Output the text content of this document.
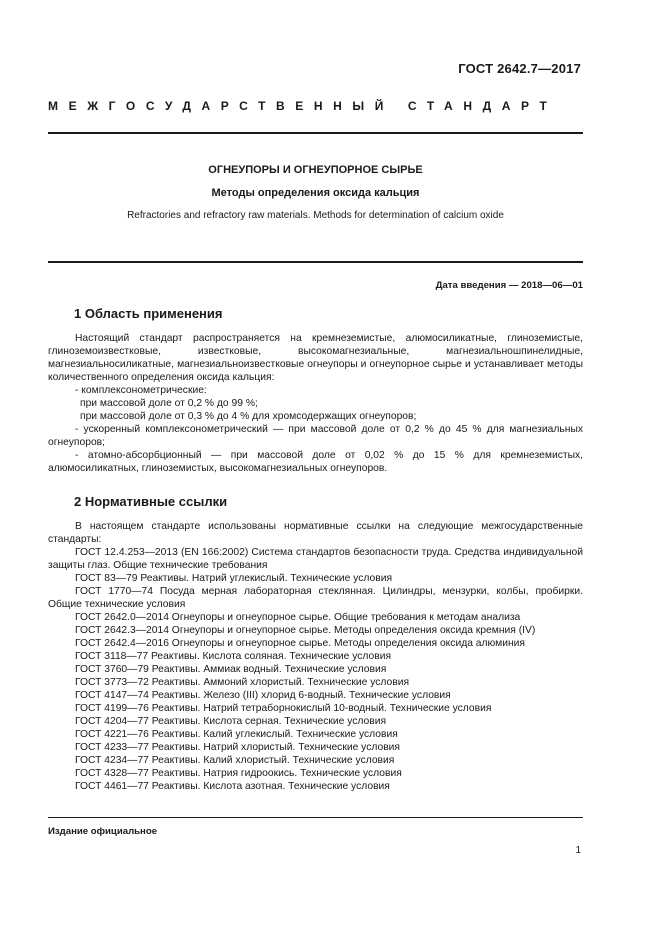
ГОСТ 2642.7—2017
МЕЖГОСУДАРСТВЕННЫЙ СТАНДАРТ
ОГНЕУПОРЫ И ОГНЕУПОРНОЕ СЫРЬЕ
Методы определения оксида кальция
Refractories and refractory raw materials. Methods for determination of calcium oxide
Дата введения — 2018—06—01
1 Область применения

Настоящий стандарт распространяется на кремнеземистые, алюмосиликатные, глиноземистые, глиноземоизвестковые, известковые, высокомагнезиальные, магнезиальношпинелидные, магнезиальносиликатные, магнезиальноизвестковые огнеупоры и огнеупорное сырье и устанавливает методы количественного определения оксида кальция:

- комплексонометрические:

при массовой доле от 0,2 % до 99 %;

при массовой доле от 0,3 % до 4 % для хромсодержащих огнеупоров;

- ускоренный комплексонометрический — при массовой доле от 0,2 % до 45 % для магнезиальных огнеупоров;

- атомно-абсорбционный — при массовой доле от 0,02 % до 15 % для кремнеземистых, алюмосиликатных, глиноземистых, высокомагнезиальных огнеупоров.

2 Нормативные ссылки

В настоящем стандарте использованы нормативные ссылки на следующие межгосударственные стандарты:

ГОСТ 12.4.253—2013 (EN 166:2002) Система стандартов безопасности труда. Средства индивидуальной защиты глаз. Общие технические требования

ГОСТ 83—79 Реактивы. Натрий углекислый. Технические условия

ГОСТ 1770—74 Посуда мерная лабораторная стеклянная. Цилиндры, мензурки, колбы, пробирки. Общие технические условия

ГОСТ 2642.0—2014 Огнеупоры и огнеупорное сырье. Общие требования к методам анализа

ГОСТ 2642.3—2014 Огнеупоры и огнеупорное сырье. Методы определения оксида кремния (IV)

ГОСТ 2642.4—2016 Огнеупоры и огнеупорное сырье. Методы определения оксида алюминия

ГОСТ 3118—77 Реактивы. Кислота соляная. Технические условия

ГОСТ 3760—79 Реактивы. Аммиак водный. Технические условия

ГОСТ 3773—72 Реактивы. Аммоний хлористый. Технические условия

ГОСТ 4147—74 Реактивы. Железо (III) хлорид 6-водный. Технические условия

ГОСТ 4199—76 Реактивы. Натрий тетраборнокислый 10-водный. Технические условия

ГОСТ 4204—77 Реактивы. Кислота серная. Технические условия

ГОСТ 4221—76 Реактивы. Калий углекислый. Технические условия

ГОСТ 4233—77 Реактивы. Натрий хлористый. Технические условия

ГОСТ 4234—77 Реактивы. Калий хлористый. Технические условия

ГОСТ 4328—77 Реактивы. Натрия гидроокись. Технические условия

ГОСТ 4461—77 Реактивы. Кислота азотная. Технические условия

Издание официальное
1
